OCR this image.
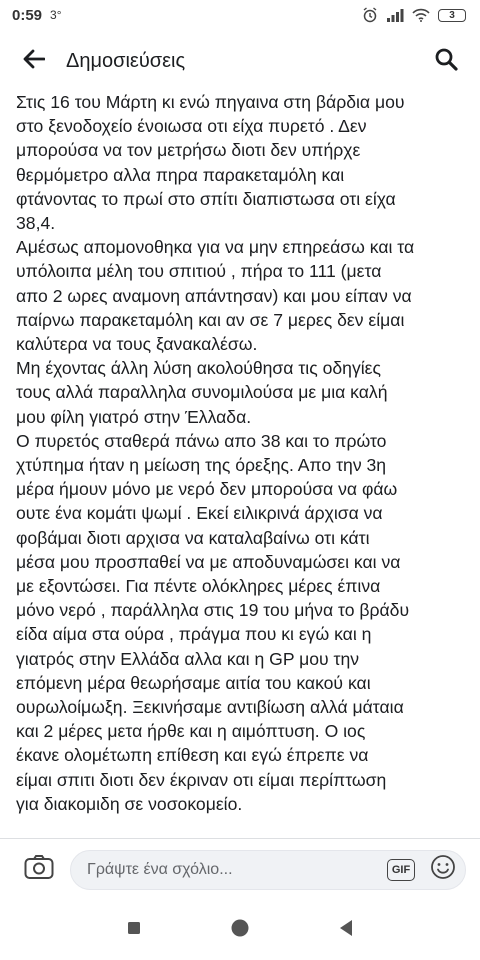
0:59 3°	3
Δημοσιεύσεις
Στις 16 του Μάρτη κι ενώ πηγαινα στη βάρδια μου
στο ξενοδοχείο ένοιωσα οτι είχα πυρετό . Δεν
μπορούσα να τον μετρήσω διοτι δεν υπήρχε
θερμόμετρο αλλα πηρα παρακεταμόλη και
φτάνοντας το πρωί στο σπίτι διαπιστωσα οτι είχα
38,4.
Αμέσως απομονοθηκα για να μην επηρεάσω και τα
υπόλοιπα μέλη του σπιτιού , πήρα το 111 (μετα
απο 2 ωρες αναμονη απάντησαν) και μου είπαν να
παίρνω παρακεταμόλη και αν σε 7 μερες δεν είμαι
καλύτερα να τους ξανακαλέσω.
Μη έχοντας άλλη λύση ακολούθησα τις οδηγίες
τους αλλά παραλληλα συνομιλούσα με μια καλή
μου φίλη γιατρό στην Έλλαδα.
Ο πυρετός σταθερά πάνω απο 38 και το πρώτο
χτύπημα ήταν η μείωση της όρεξης. Απο την 3η
μέρα ήμουν μόνο με νερό δεν μπορούσα να φάω
ουτε ένα κομάτι ψωμί . Εκεί ειλικρινά άρχισα να
φοβάμαι διοτι αρχισα να καταλαβαίνω οτι κάτι
μέσα μου προσπαθεί να με αποδυναμώσει και να
με εξοντώσει. Για πέντε ολόκληρες μέρες έπινα
μόνο νερό , παράλληλα στις 19 του μήνα το βράδυ
είδα αίμα στα ούρα , πράγμα που κι εγώ και η
γιατρός στην Ελλάδα αλλα και η GP μου την
επόμενη μέρα θεωρήσαμε αιτία του κακού και
ουρωλοίμωξη. Ξεκινήσαμε αντιβίωση αλλά μάταια
και 2 μέρες μετα ήρθε και η αιμόπτυση. Ο ιος
έκανε ολομέτωπη επίθεση και εγώ έπρεπε να
είμαι σπιτι διοτι δεν έκριναν οτι είμαι περίπτωση
για διακομιδη σε νοσοκομείο.
Γράψτε ένα σχόλιο...	GIF
